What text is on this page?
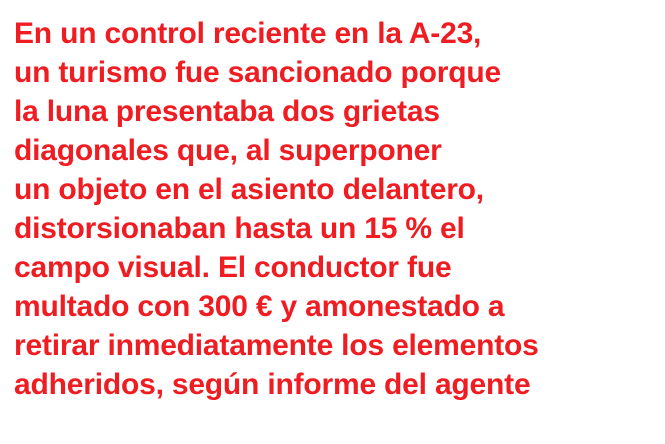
En un control reciente en la A-23,
un turismo fue sancionado porque
la luna presentaba dos grietas
diagonales que, al superponer
un objeto en el asiento delantero,
distorsionaban hasta un 15 % el
campo visual. El conductor fue
multado con 300 € y amonestado a
retirar inmediatamente los elementos
adheridos, según informe del agente
